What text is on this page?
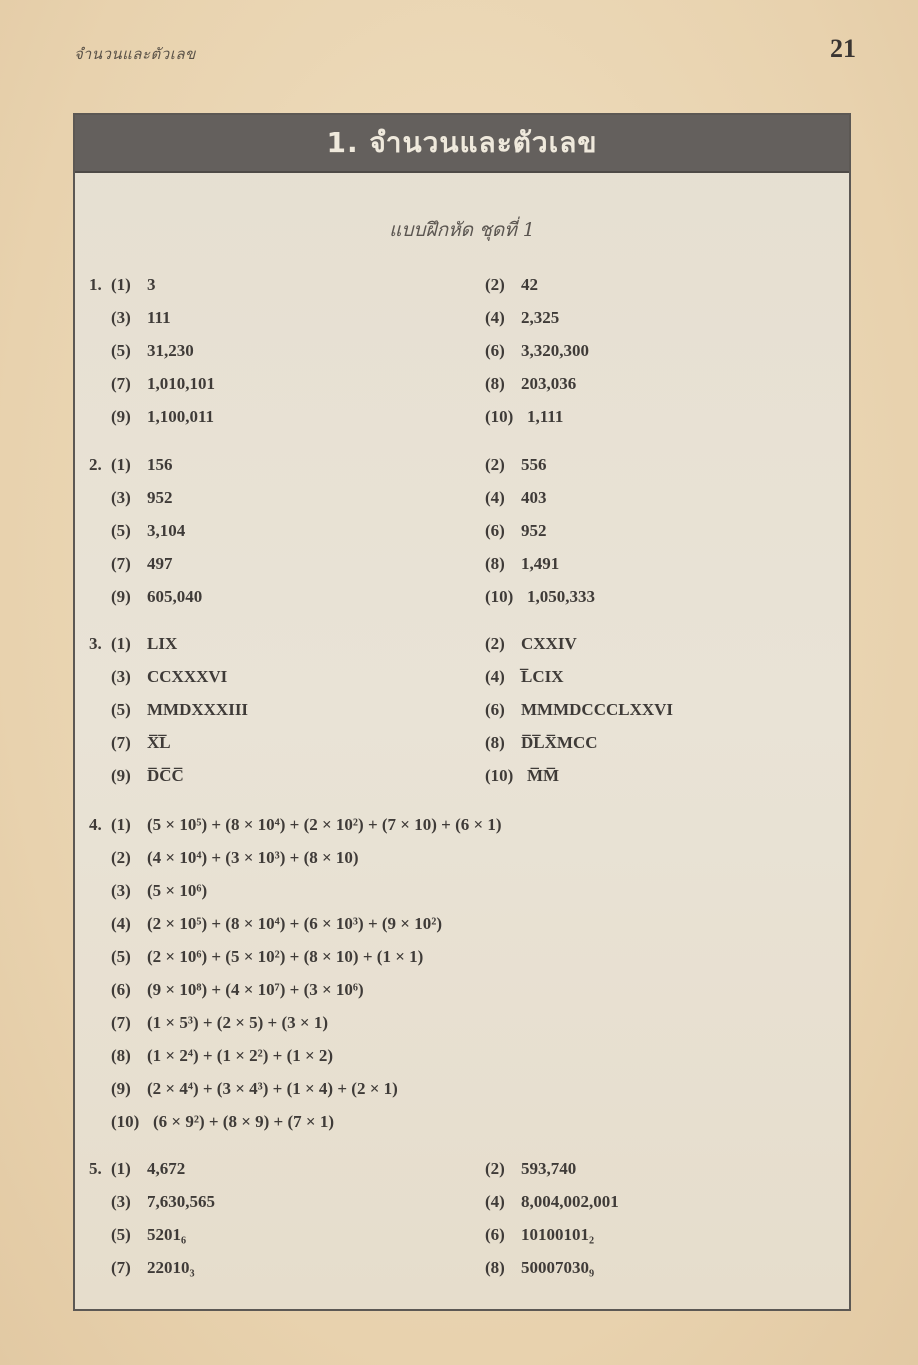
จำนวนและตัวเลข	21
1. จำนวนและตัวเลข
แบบฝึกหัด ชุดที่ 1
1. (1) 3	(2) 42
(3) 111	(4) 2,325
(5) 31,230	(6) 3,320,300
(7) 1,010,101	(8) 203,036
(9) 1,100,011	(10) 1,111
2. (1) 156	(2) 556
(3) 952	(4) 403
(5) 3,104	(6) 952
(7) 497	(8) 1,491
(9) 605,040	(10) 1,050,333
3. (1) LIX	(2) CXXIV
(3) CCXXXVI	(4) L̅CIX
(5) MMDXXXIII	(6) MMMDCCCLXXVI
(7) X̅L̅	(8) D̅L̅X̅MCC
(9) D̅C̅C̅	(10) M̅M̅
4. (1) (5 × 10⁵) + (8 × 10⁴) + (2 × 10²) + (7 × 10) + (6 × 1)
(2) (4 × 10⁴) + (3 × 10³) + (8 × 10)
(3) (5 × 10⁶)
(4) (2 × 10⁵) + (8 × 10⁴) + (6 × 10³) + (9 × 10²)
(5) (2 × 10⁶) + (5 × 10²) + (8 × 10) + (1 × 1)
(6) (9 × 10⁸) + (4 × 10⁷) + (3 × 10⁶)
(7) (1 × 5³) + (2 × 5) + (3 × 1)
(8) (1 × 2⁴) + (1 × 2²) + (1 × 2)
(9) (2 × 4⁴) + (3 × 4³) + (1 × 4) + (2 × 1)
(10) (6 × 9²) + (8 × 9) + (7 × 1)
5. (1) 4,672	(2) 593,740
(3) 7,630,565	(4) 8,004,002,001
(5) 5201₆	(6) 10100101₂
(7) 22010₃	(8) 50007030₉
